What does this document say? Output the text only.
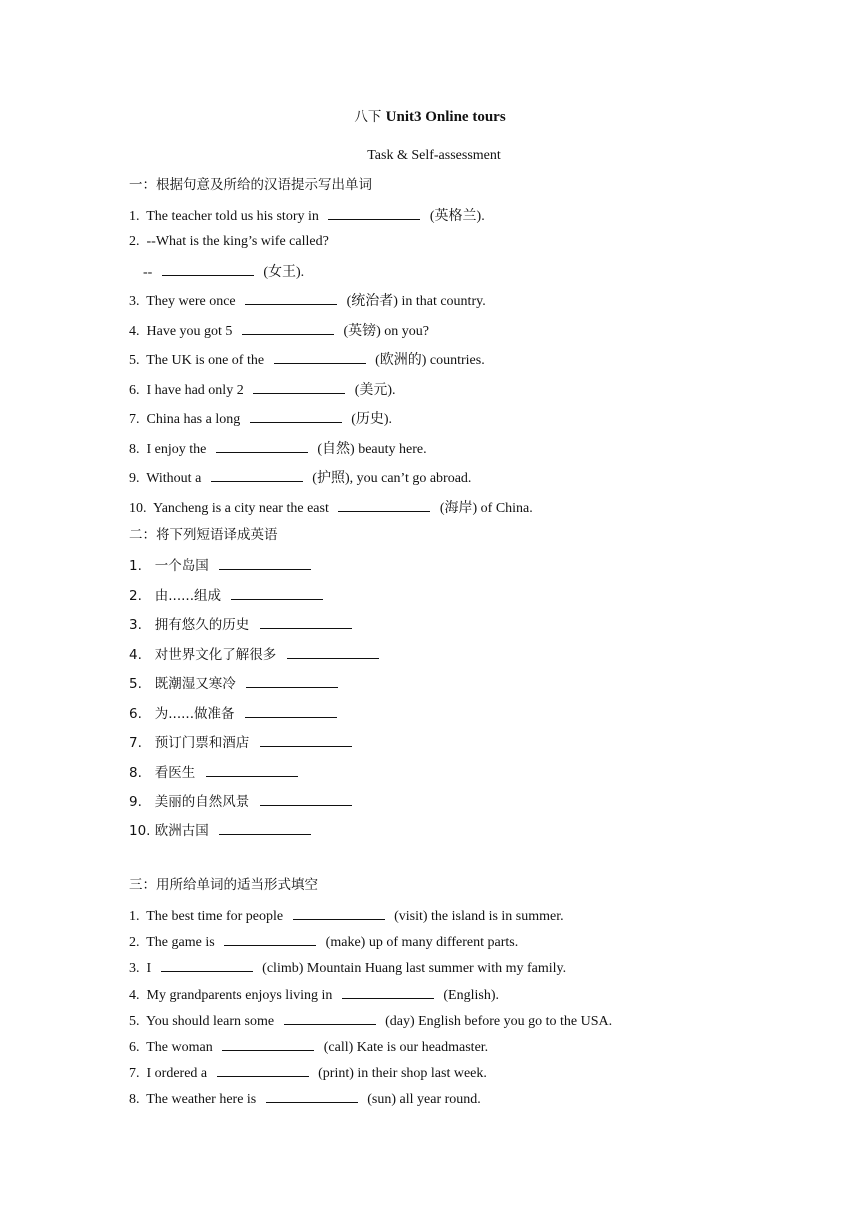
八下 Unit3 Online tours
Task & Self-assessment
一：根据句意及所给的汉语提示写出单词
1.  The teacher told us his story in	(英格兰).
2.  --What is the king’s wife called?
--	(女王).
3.  They were once	(统治者) in that country.
4.  Have you got 5	(英镑) on you?
5.  The UK is one of the	(欧洲的) countries.
6.  I have had only 2	(美元).
7.  China has a long	(历史).
8.  I enjoy the	(自然) beauty here.
9.  Without a	(护照), you can’t go abroad.
10.  Yancheng is a city near the east	(海岸) of China.
二：将下列短语译成英语
1.   一个岛国
2.   由......组成
3.   拥有悠久的历史
4.   对世界文化了解很多
5.   既潮湿又寒冷
6.   为......做准备
7.   预订门票和酒店
8.   看医生
9.   美丽的自然风景
10. 欧洲古国
三：用所给单词的适当形式填空
1.  The best time for people	(visit) the island is in summer.
2.  The game is	(make) up of many different parts.
3.  I	(climb) Mountain Huang last summer with my family.
4.  My grandparents enjoys living in	(English).
5.  You should learn some	(day) English before you go to the USA.
6.  The woman	(call) Kate is our headmaster.
7.  I ordered a	(print) in their shop last week.
8.  The weather here is	(sun) all year round.
